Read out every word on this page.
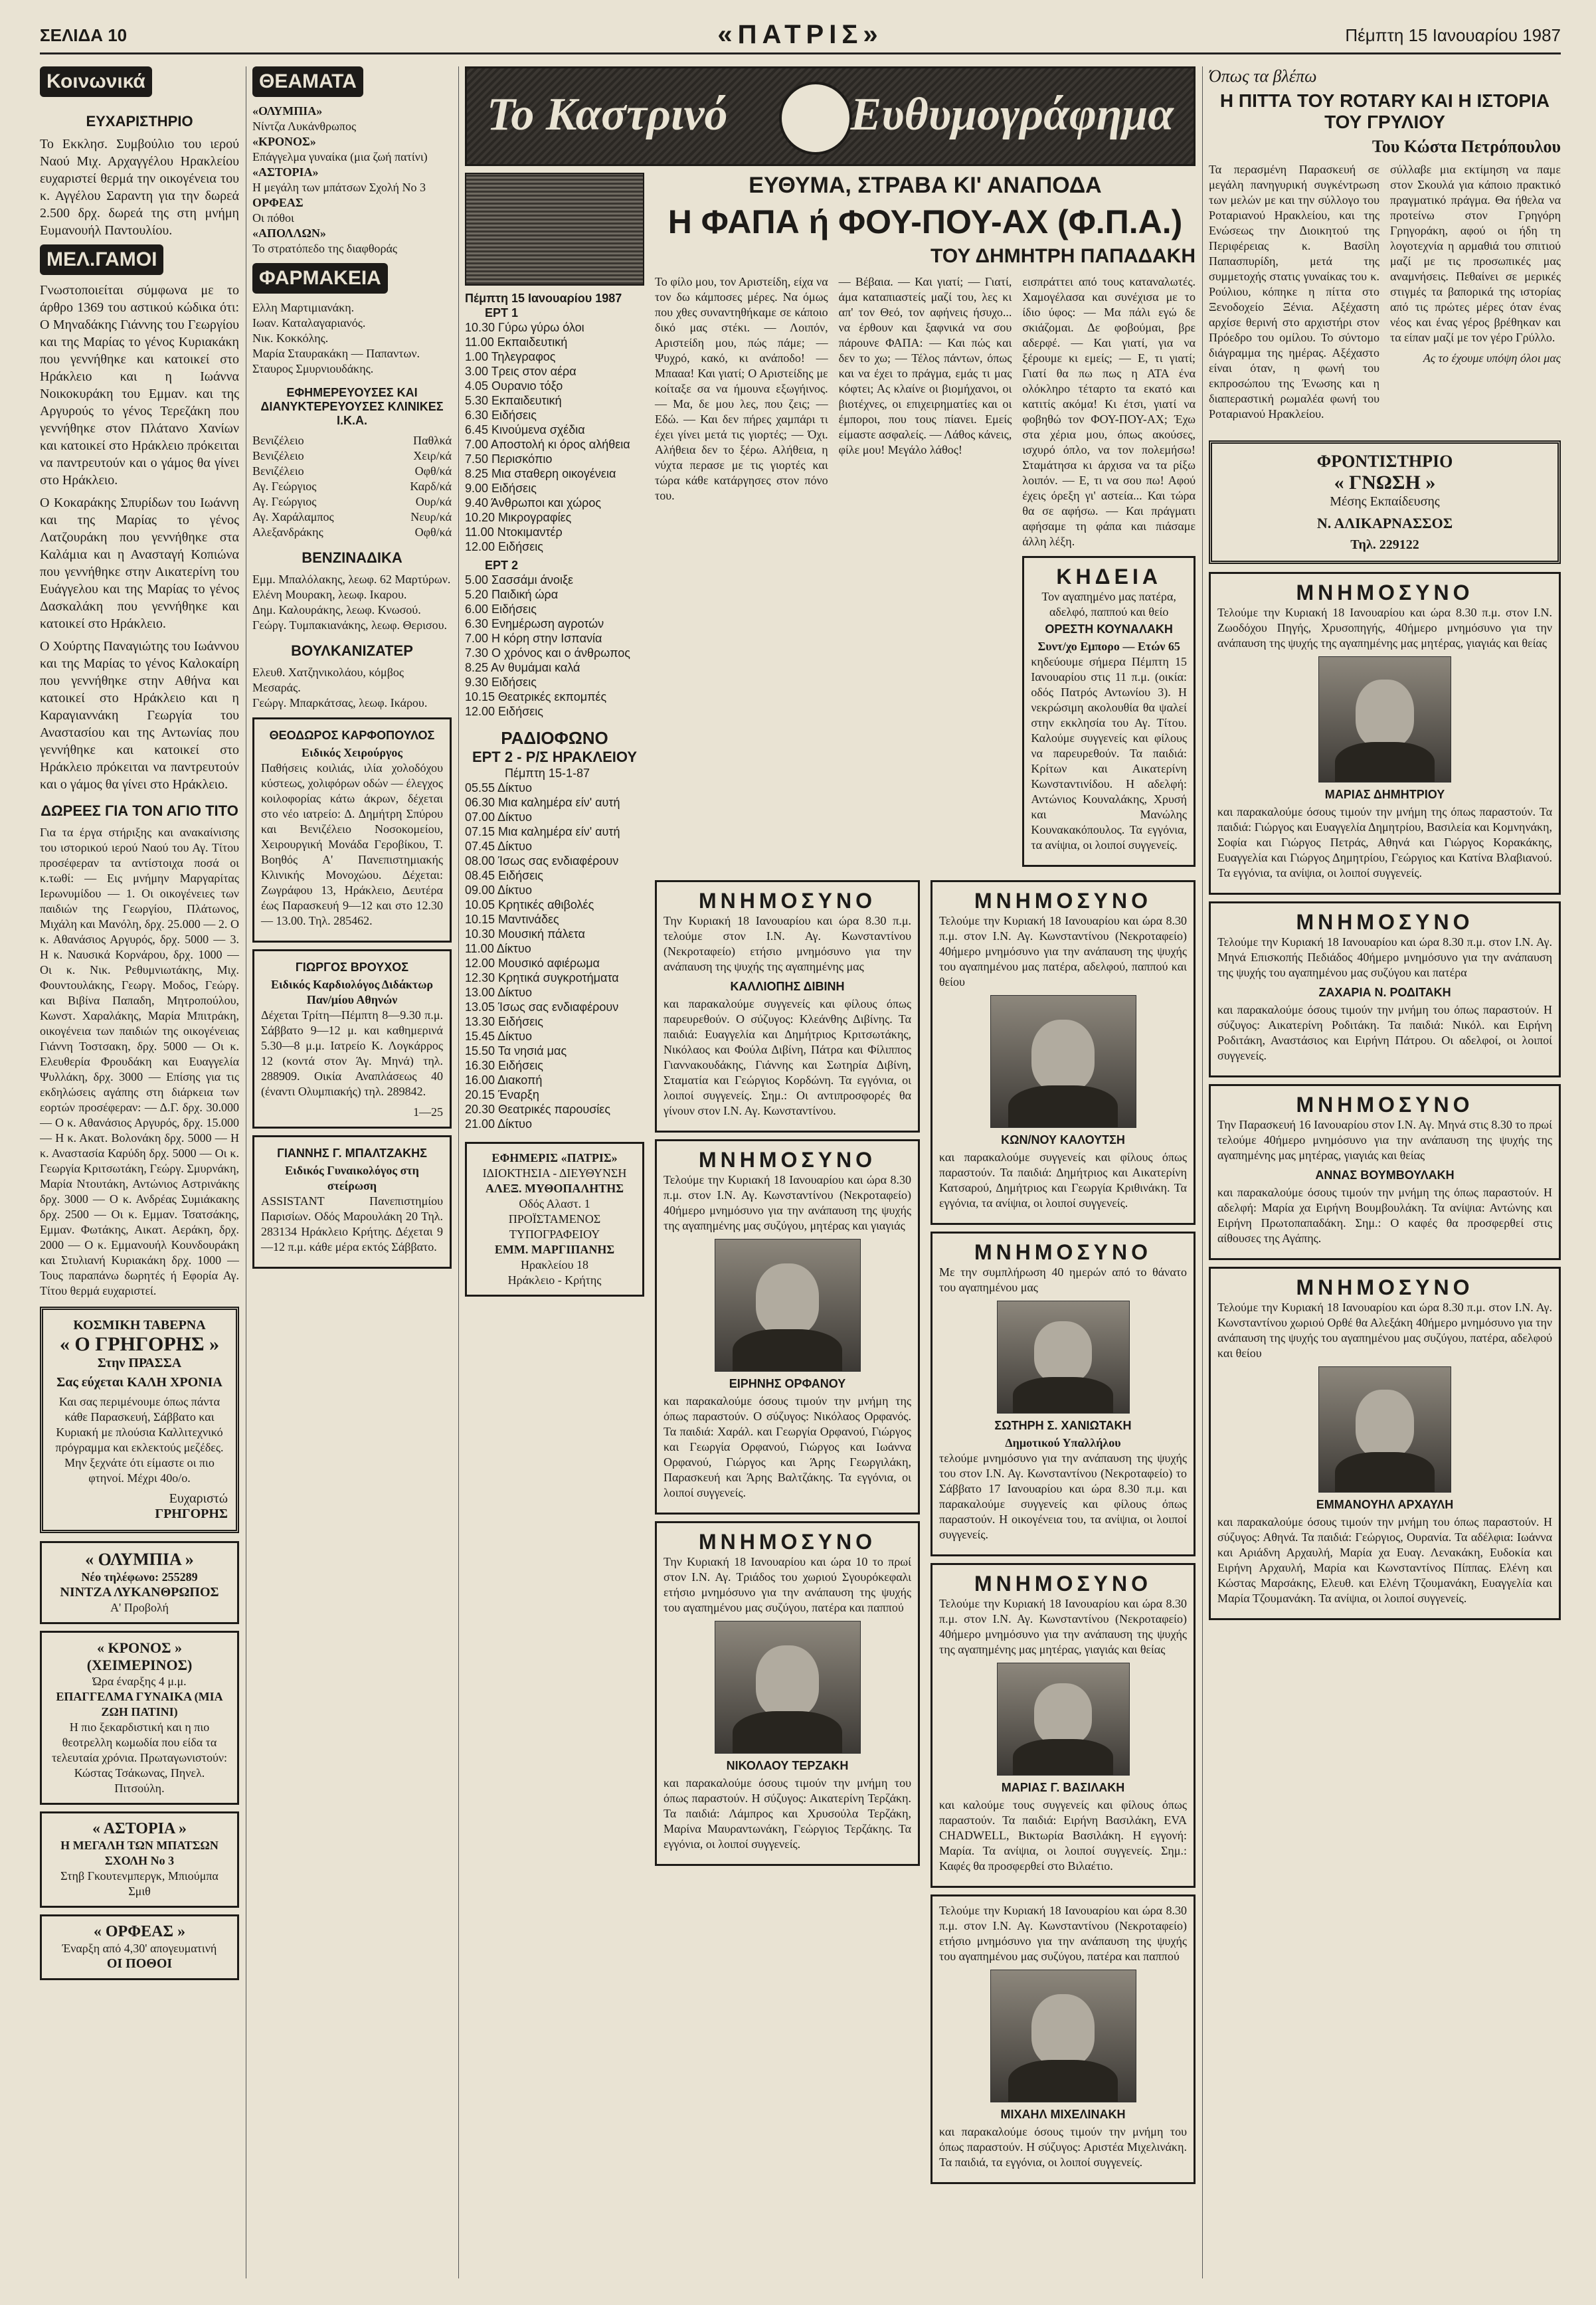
ΣΕΛΙΔΑ 10	«ΠΑΤΡΙΣ»	Πέμπτη 15 Ιανουαρίου 1987
Κοινωνικά
ΕΥΧΑΡΙΣΤΗΡΙΟ

Το Εκκλησ. Συμβούλιο του ιερού Ναού Μιχ. Αρχαγγέλου Ηρακλείου ευχαριστεί θερμά την οικογένεια του κ. Αγγέλου Σαραντη για την δωρεά 2.500 δρχ. δωρεά της στη μνήμη Ευμανουήλ Παντουλίου.

ΜΕΛ.ΓΑΜΟΙ

Γνωστοποιείται σύμφωνα με το άρθρο 1369 του αστικού κώδικα ότι: Ο Μηναδάκης Γιάννης του Γεωργίου και της Μαρίας το γένος Κυριακάκη που γεννήθηκε και κατοικεί στο Ηράκλειο και η Ιωάννα Νοικοκυράκη του Εμμαν. και της Αργυρούς το γένος Τερεζάκη που γεννήθηκε στον Πλάτανο Χανίων και κατοικεί στο Ηράκλειο πρόκειται να παντρευτούν και ο γάμος θα γίνει στο Ηράκλειο.

Ο Κοκαράκης Σπυρίδων του Ιωάννη και της Μαρίας το γένος Λατζουράκη που γεννήθηκε στα Καλάμια και η Ανασταγή Κοπιώνα που γεννήθηκε στην Αικατερίνη του Ευάγγελου και της Μαρίας το γένος Δασκαλάκη που γεννήθηκε και κατοικεί στο Ηράκλειο.

Ο Χούρτης Παναγιώτης του Ιωάννου και της Μαρίας το γένος Καλοκαίρη που γεννήθηκε στην Αθήνα και κατοικεί στο Ηράκλειο και η Καραγιαννάκη Γεωργία του Αναστασίου και της Αντωνίας που γεννήθηκε και κατοικεί στο Ηράκλειο πρόκειται να παντρευτούν και ο γάμος θα γίνει στο Ηράκλειο.

ΔΩΡΕΕΣ ΓΙΑ ΤΟΝ ΑΓΙΟ ΤΙΤΟ

Για τα έργα στήριξης και ανακαίνισης του ιστορικού ιερού Ναού του Αγ. Τίτου προσέφεραν τα αντίστοιχα ποσά οι κ.τωθί: — Εις μνήμην Μαργαρίτας Ιερωνυμίδου — 1. Οι οικογένειες των παιδιών της Γεωργίου, Πλάτωνος, Μιχάλη και Μανόλη, δρχ. 25.000 — 2. Ο κ. Αθανάσιος Αργυρός, δρχ. 5000 — 3. Η κ. Ναυσικά Κορνάρου, δρχ. 1000 — Οι κ. Νικ. Ρεθυμνιωτάκης, Μιχ. Φουντουλάκης, Γεωργ. Μοδος, Γεώργ. και Βιβίνα Παπαδη, Μητροπούλου, Κωνστ. Χαραλάκης, Μαρία Μπιτράκη, οικογένεια των παιδιών της οικογένειας Γιάννη Τοστσακη, δρχ. 5000 — Οι κ. Ελευθερία Φρουδάκη και Ευαγγελία Ψυλλάκη, δρχ. 3000 — Επίσης για τις εκδηλώσεις αγάπης στη διάρκεια των εορτών προσέφεραν: — Δ.Γ. δρχ. 30.000 — Ο κ. Αθανάσιος Αργυρός, δρχ. 15.000 — Η κ. Ακατ. Βολονάκη δρχ. 5000 — Η κ. Αναστασία Καρύδη δρχ. 5000 — Οι κ. Γεωργία Κριτσωτάκη, Γεώργ. Σμυρνάκη, Μαρία Ντουτάκη, Αντώνιος Αστρινάκης δρχ. 3000 — Ο κ. Ανδρέας Συμιάκακης δρχ. 2500 — Οι κ. Εμμαν. Τσατσάκης, Εμμαν. Φωτάκης, Αικατ. Αεράκη, δρχ. 2000 — Ο κ. Εμμανουήλ Κουνδουράκη και Στυλιανή Κυριακάκη δρχ. 1000 — Τους παραπάνω δωρητές ή Εφορία Αγ. Τίτου θερμά ευχαριστεί.

ΚΟΣΜΙΚΗ ΤΑΒΕΡΝΑ
« Ο ΓΡΗΓΟΡΗΣ »
Στην ΠΡΑΣΣΑ
Σας εύχεται ΚΑΛΗ ΧΡΟΝΙΑ

Και σας περιμένουμε όπως πάντα κάθε Παρασκευή, Σάββατο και Κυριακή με πλούσια Καλλιτεχνικό πρόγραμμα και εκλεκτούς μεζέδες. Μην ξεχνάτε ότι είμαστε οι πιο φτηνοί. Μέχρι 40ο/ο.

Ευχαριστώ
ΓΡΗΓΟΡΗΣ
« ΟΛΥΜΠΙΑ »
Νέο τηλέφωνο: 255289
ΝΙΝΤΖΑ ΛΥΚΑΝΘΡΩΠΟΣ
Α' Προβολή
« ΚΡΟΝΟΣ » (ΧΕΙΜΕΡΙΝΟΣ)
Ώρα έναρξης 4 μ.μ.
ΕΠΑΓΓΕΛΜΑ ΓΥΝΑΙΚΑ (ΜΙΑ ΖΩΗ ΠΑΤΙΝΙ)
Η πιο ξεκαρδιστική και η πιο θεοτρελλη κωμωδία που είδα τα τελευταία χρόνια. Πρωταγωνιστούν: Κώστας Τσάκωνας, Πηνελ. Πιτσούλη.
« ΑΣΤΟΡΙΑ »
Η ΜΕΓΑΛΗ ΤΩΝ ΜΠΑΤΣΩΝ ΣΧΟΛΗ No 3
Στηβ Γκουτενμπεργκ, Μπιούμπα Σμιθ
« ΟΡΦΕΑΣ »
Έναρξη από 4,30' απογευματινή
ΟΙ ΠΟΘΟΙ
ΘΕΑΜΑΤΑ
«ΟΛΥΜΠΙΑ»
Νίντζα Λυκάνθρωπος
«ΚΡΟΝΟΣ»
Επάγγελμα γυναίκα (μια ζωή πατίνι)
«ΑΣΤΟΡΙΑ»
Η μεγάλη των μπάτσων Σχολή No 3
ΟΡΦΕΑΣ
Οι πόθοι
«ΑΠΟΛΛΩΝ»
Το στρατόπεδο της διαφθοράς
ΦΑΡΜΑΚΕΙΑ
Ελλη Μαρτιμιανάκη.
Ιωαν. Καταλαγαριανός.
Νικ. Κοκκόλης.
Μαρία Σταυρακάκη — Παπαντων. Σταυρος Σμυρνιουδάκης.
ΕΦΗΜΕΡΕΥΟΥΣΕΣ ΚΑΙ ΔΙΑΝΥΚΤΕΡΕΥΟΥΣΕΣ ΚΛΙΝΙΚΕΣ Ι.Κ.Α.
Βενιζέλειο	Παθλκά
Βενιζέλειο	Χειρ/κά
Βενιζέλειο	Οφθ/κά
Αγ. Γεώργιος	Καρδ/κά
Αγ. Γεώργιος	Ουρ/κά
Αγ. Χαράλαμπος	Νευρ/κά
Αλεξανδράκης	Οφθ/κά
ΒΕΝΖΙΝΑΔΙΚΑ
Εμμ. Μπαλόλακης, λεωφ. 62 Μαρτύρων.
Ελένη Μουρακη, λεωφ. Ικαρου.
Δημ. Καλουράκης, λεωφ. Κνωσού.
Γεώργ. Τυμπακιανάκης, λεωφ. Θερισου.
ΒΟΥΛΚΑΝΙΖΑΤΕΡ
Ελευθ. Χατζηνικολάου, κόμβος Μεσαράς.
Γεώργ. Μπαρκάτσας, λεωφ. Ικάρου.
ΘΕΟΔΩΡΟΣ ΚΑΡΦΟΠΟΥΛΟΣ
Ειδικός Χειρούργος

Παθήσεις κοιλιάς, ιλία χολοδόχου κύστεως, χολιφόρων οδών — έλεγχος κοιλοφορίας κάτω άκρων, δέχεται στο νέο ιατρείο: Δ. Δημήτρη Σπύρου και Βενιζέλειο Νοσοκομείου, Χειρουργική Μονάδα Γεροβίκου, Τ. Βοηθός Α' Πανεπιστημιακής Κλινικής Μονοχώου. Δέχεται: Ζωγράφου 13, Ηράκλειο, Δευτέρα έως Παρασκευή 9—12 και στο 12.30 — 13.00. Τηλ. 285462.

ΓΙΩΡΓΟΣ ΒΡΟΥΧΟΣ
Ειδικός Καρδιολόγος Διδάκτωρ Παν/μίου Αθηνών

Δέχεται Τρίτη—Πέμπτη 8—9.30 π.μ. Σάββατο 9—12 μ. και καθημερινά 5.30—8 μ.μ. Ιατρείο Κ. Λογκάρρος 12 (κοντά στον Άγ. Μηνά) τηλ. 288909. Οικία Αναπλάσεως 40 (έναντι Ολυμπιακής) τηλ. 289842.

1—25
ΓΙΑΝΝΗΣ Γ. ΜΠΑΛΤΖΑΚΗΣ
Ειδικός Γυναικολόγος στη στείρωση

ASSISTANT Πανεπιστημίου Παρισίων. Οδός Μαρουλάκη 20 Τηλ. 283134 Ηράκλειο Κρήτης. Δέχεται 9—12 π.μ. κάθε μέρα εκτός Σάββατο.

Το Καστρινό	Ευθυμογράφημα
Πέμπτη 15 Ιανουαρίου 1987
ΕΡΤ 1
10.30 Γύρω γύρω όλοι
11.00 Εκπαιδευτική
1.00 Τηλεγραφος
3.00 Τρεις στον αέρα
4.05 Ουρανιο τόξο
5.30 Εκπαιδευτική
6.30 Ειδήσεις
6.45 Κινούμενα σχέδια
7.00 Αποστολή κι όρος αλήθεια
7.50 Περισκόπιο
8.25 Μια σταθερη οικογένεια
9.00 Ειδήσεις
9.40 Άνθρωποι και χώρος
10.20 Μικρογραφίες
11.00 Ντοκιμαντέρ
12.00 Ειδήσεις
ΕΡΤ 2
5.00 Σασσάμι άνοιξε
5.20 Παιδική ώρα
6.00 Ειδήσεις
6.30 Ενημέρωση αγροτών
7.00 Η κόρη στην Ισπανία
7.30 Ο χρόνος και ο άνθρωπος
8.25 Αν θυμάμαι καλά
9.30 Ειδήσεις
10.15 Θεατρικές εκπομπές
12.00 Ειδήσεις
ΡΑΔΙΟΦΩΝΟ
ΕΡΤ 2 - Ρ/Σ ΗΡΑΚΛΕΙΟΥ
Πέμπτη 15-1-87
05.55 Δίκτυο
06.30 Μια καλημέρα είν' αυτή
07.00 Δίκτυο
07.15 Μια καλημέρα είν' αυτή
07.45 Δίκτυο
08.00 Ίσως σας ενδιαφέρουν
08.45 Ειδήσεις
09.00 Δίκτυο
10.05 Κρητικές αθιβολές
10.15 Μαντινάδες
10.30 Μουσική πάλετα
11.00 Δίκτυο
12.00 Μουσικό αφιέρωμα
12.30 Κρητικά συγκροτήματα
13.00 Δίκτυο
13.05 Ίσως σας ενδιαφέρουν
13.30 Ειδήσεις
15.45 Δίκτυο
15.50 Τα νησιά μας
16.30 Ειδήσεις
16.00 Διακοπή
20.15 Έναρξη
20.30 Θεατρικές παρουσίες
21.00 Δίκτυο
ΕΦΗΜΕΡΙΣ «ΠΑΤΡΙΣ»
ΙΔΙΟΚΤΗΣΙΑ - ΔΙΕΥΘΥΝΣΗ
ΑΛΕΞ. ΜΥΘΟΠΑΛΗΤΗΣ
Οδός Αλαστ. 1
ΠΡΟΪΣΤΑΜΕΝΟΣ ΤΥΠΟΓΡΑΦΕΙΟΥ
ΕΜΜ. ΜΑΡΓΙΠΑΝΗΣ
Ηρακλείου 18
Ηράκλειο - Κρήτης
ΕΥΘΥΜΑ, ΣΤΡΑΒΑ ΚΙ' ΑΝΑΠΟΔΑ
Η ΦΑΠΑ ή ΦΟΥ-ΠΟΥ-ΑΧ (Φ.Π.Α.)
ΤΟΥ ΔΗΜΗΤΡΗ ΠΑΠΑΔΑΚΗ

Το φίλο μου, τον Αριστείδη, είχα να τον δω κάμποσες μέρες. Να όμως που χθες συναντηθήκαμε σε κάποιο δικό μας στέκι. — Λοιπόν, Αριστείδη μου, πώς πάμε; — Ψυχρό, κακό, κι ανάποδο! — Μπααα! Και γιατί; Ο Αριστείδης με κοίταξε σα να ήμουνα εξωγήινος. — Μα, δε μου λες, που ζεις; — Εδώ. — Και δεν πήρες χαμπάρι τι έχει γίνει μετά τις γιορτές; — Όχι. Αλήθεια δεν το ξέρω. Αλήθεια, η νύχτα περασε με τις γιορτές και τώρα κάθε κατάργησες στον πόνο του.

— Βέβαια. — Και γιατί; — Γιατί, άμα καταπιαστείς μαζί του, λες κι απ' τον Θεό, τον αφήνεις ήσυχο... να έρθουν και ξαφνικά να σου πάρουνε ΦΑΠΑ: — Και πώς και δεν το χω; — Τέλος πάντων, όπως και να έχει το πράγμα, εμάς τι μας κόφτει; Ας κλαίνε οι βιομήχανοι, οι βιοτέχνες, οι επιχειρηματίες και οι έμποροι, που τους πίανει. Εμείς είμαστε ασφαλείς. — Λάθος κάνεις, φίλε μου! Μεγάλο λάθος!

εισπράττει από τους καταναλωτές. Χαμογέλασα και συνέχισα με το ίδιο ύφος: — Μα πάλι εγώ δε σκιάζομαι. Δε φοβούμαι, βρε αδερφέ. — Και γιατί, για να ξέρουμε κι εμείς; — Ε, τι γιατί; Γιατί θα πω πως η ΑΤΑ ένα ολόκληρο τέταρτο τα εκατό και κατιτίς ακόμα! Κι έτσι, γιατί να φοβηθώ τον ΦΟΥ-ΠΟΥ-ΑΧ; Έχω στα χέρια μου, όπως ακούσες, ισχυρό όπλο, να τον πολεμήσω! Σταμάτησα κι άρχισα να τα ρίξω λοιπόν. — Ε, τι να σου πω! Αφού έχεις όρεξη γι' αστεία... Και τώρα θα σε αφήσω. — Και πράγματι αφήσαμε τη φάπα και πιάσαμε άλλη λέξη.

ΚΗΔΕΙΑ
Τον αγαπημένο μας πατέρα, αδελφό, παππού και θείο
ΟΡΕΣΤΗ ΚΟΥΝΑΛΑΚΗ
Συντ/χο Εμπορο — Ετών 65

κηδεύουμε σήμερα Πέμπτη 15 Ιανουαρίου στις 11 π.μ. (οικία: οδός Πατρός Αντωνίου 3). Η νεκρώσιμη ακολουθία θα ψαλεί στην εκκλησία του Αγ. Τίτου. Καλούμε συγγενείς και φίλους να παρευρεθούν. Τα παιδιά: Κρίτων και Αικατερίνη Κωνσταντινίδου. Η αδελφή: Αντώνιος Κουναλάκης, Χρυσή και Μανώλης Κουνακακόπουλος. Τα εγγόνια, τα ανίψια, οι λοιποί συγγενείς.

ΜΝΗΜΟΣΥΝΟ

Την Κυριακή 18 Ιανουαρίου και ώρα 8.30 π.μ. τελούμε στον Ι.Ν. Αγ. Κωνσταντίνου (Νεκροταφείο) ετήσιο μνημόσυνο για την ανάπαυση της ψυχής της αγαπημένης μας

ΚΑΛΛΙΟΠΗΣ ΔΙΒΙΝΗ

και παρακαλούμε συγγενείς και φίλους όπως παρευρεθούν. Ο σύζυγος: Κλεάνθης Διβίνης. Τα παιδιά: Ευαγγελία και Δημήτριος Κριτσωτάκης, Νικόλαος και Φούλα Διβίνη, Πάτρα και Φίλιππος Γιαννακουδάκης, Γιάννης και Σωτηρία Διβίνη, Σταματία και Γεώργιος Κορδώνη. Τα εγγόνια, οι λοιποί συγγενείς. Σημ.: Οι αντιπροσφορές θα γίνουν στον Ι.Ν. Αγ. Κωνσταντίνου.

ΜΝΗΜΟΣΥΝΟ

Τελούμε την Κυριακή 18 Ιανουαρίου και ώρα 8.30 π.μ. στον Ι.Ν. Αγ. Κωνσταντίνου (Νεκροταφείο) 40ήμερο μνημόσυνο για την ανάπαυση της ψυχής της αγαπημένης μας συζύγου, μητέρας και γιαγιάς

ΕΙΡΗΝΗΣ ΟΡΦΑΝΟΥ

και παρακαλούμε όσους τιμούν την μνήμη της όπως παραστούν. Ο σύζυγος: Νικόλαος Ορφανός. Τα παιδιά: Χαράλ. και Γεωργία Ορφανού, Γιώργος και Γεωργία Ορφανού, Γιώργος και Ιωάννα Ορφανού, Γιώργος και Άρης Γεωργιλάκη, Παρασκευή και Άρης Βαλτζάκης. Τα εγγόνια, οι λοιποί συγγενείς.

ΜΝΗΜΟΣΥΝΟ

Την Κυριακή 18 Ιανουαρίου και ώρα 10 το πρωί στον Ι.Ν. Αγ. Τριάδος του χωριού Σγουρόκεφαλι ετήσιο μνημόσυνο για την ανάπαυση της ψυχής του αγαπημένου μας συζύγου, πατέρα και παππού

ΝΙΚΟΛΑΟΥ ΤΕΡΖΑΚΗ

και παρακαλούμε όσους τιμούν την μνήμη του όπως παραστούν. Η σύζυγος: Αικατερίνη Τερζάκη. Τα παιδιά: Λάμπρος και Χρυσούλα Τερζάκη, Μαρίνα Μαυραντωνάκη, Γεώργιος Τερζάκης. Τα εγγόνια, οι λοιποί συγγενείς.

ΜΝΗΜΟΣΥΝΟ

Τελούμε την Κυριακή 18 Ιανουαρίου και ώρα 8.30 π.μ. στον Ι.Ν. Αγ. Κωνσταντίνου (Νεκροταφείο) 40ήμερο μνημόσυνο για την ανάπαυση της ψυχής του αγαπημένου μας πατέρα, αδελφού, παππού και θείου

ΚΩΝ/ΝΟΥ ΚΑΛΟΥΤΣΗ

και παρακαλούμε συγγενείς και φίλους όπως παραστούν. Τα παιδιά: Δημήτριος και Αικατερίνη Κατσαρού, Δημήτριος και Γεωργία Κριθινάκη. Τα εγγόνια, τα ανίψια, οι λοιποί συγγενείς.

ΜΝΗΜΟΣΥΝΟ

Με την συμπλήρωση 40 ημερών από το θάνατο του αγαπημένου μας

ΣΩΤΗΡΗ Σ. ΧΑΝΙΩΤΑΚΗ
Δημοτικού Υπαλλήλου

τελούμε μνημόσυνο για την ανάπαυση της ψυχής του στον Ι.Ν. Αγ. Κωνσταντίνου (Νεκροταφείο) το Σάββατο 17 Ιανουαρίου και ώρα 8.30 π.μ. και παρακαλούμε συγγενείς και φίλους όπως παραστούν. Η οικογένεια του, τα ανίψια, οι λοιποί συγγενείς.

ΜΝΗΜΟΣΥΝΟ

Τελούμε την Κυριακή 18 Ιανουαρίου και ώρα 8.30 π.μ. στον Ι.Ν. Αγ. Κωνσταντίνου (Νεκροταφείο) 40ήμερο μνημόσυνο για την ανάπαυση της ψυχής της αγαπημένης μας μητέρας, γιαγιάς και θείας

ΜΑΡΙΑΣ Γ. ΒΑΣΙΛΑΚΗ

και καλούμε τους συγγενείς και φίλους όπως παραστούν. Τα παιδιά: Ειρήνη Βασιλάκη, EVA CHADWELL, Βικτωρία Βασιλάκη. Η εγγονή: Μαρία. Τα ανίψια, οι λοιποί συγγενείς. Σημ.: Καφές θα προσφερθεί στο Βιλαέτιο.

Τελούμε την Κυριακή 18 Ιανουαρίου και ώρα 8.30 π.μ. στον Ι.Ν. Αγ. Κωνσταντίνου (Νεκροταφείο) ετήσιο μνημόσυνο για την ανάπαυση της ψυχής του αγαπημένου μας συζύγου, πατέρα και παππού

ΜΙΧΑΗΛ ΜΙΧΕΛΙΝΑΚΗ

και παρακαλούμε όσους τιμούν την μνήμη του όπως παραστούν. Η σύζυγος: Αριστέα Μιχελινάκη. Τα παιδιά, τα εγγόνια, οι λοιποί συγγενείς.

Όπως τα βλέπω
Η ΠΙΤΤΑ ΤΟΥ ROTARY ΚΑΙ Η ΙΣΤΟΡΙΑ ΤΟΥ ΓΡΥΛΙΟΥ
Του Κώστα Πετρόπουλου

Τα περασμένη Παρασκευή σε μεγάλη πανηγυρική συγκέντρωση των μελών με και την σύλλογο του Ροταριανού Ηρακλείου, και της Ενώσεως την Διοικητού της Περιφέρειας κ. Βασίλη Παπασπυρίδη, μετά της συμμετοχής στατις γυναίκας του κ. Ρούλιου, κόπηκε η πίττα στο Ξενοδοχείο Ξένια. Αξέχαστη αρχίσε θερινή στο αρχιστήρι στον Πρόεδρο του ομίλου. Το σύντομο διάγραμμα της ημέρας. Αξέχαστο είναι όταν, η φωνή του εκπροσώπου της Ένωσης και η διαπεραστική ρωμαλέα φωνή του Ροταριανού Ηρακλείου.

σύλλαβε μια εκτίμηση να παμε στον Σκουλά για κάποιο πρακτικό πραγματικό πράγμα. Θα ήθελα να προτείνω στον Γρηγόρη Γρηγοράκη, αφού οι ήδη τη λογοτεχνία η αρμαθιά του σπιτιού μαζί με τις προσωπικές μας αναμνήσεις. Πεθαίνει σε μερικές στιγμές τα βαπορικά της ιστορίας από τις πρώτες μέρες όταν ένας νέος και ένας γέρος βρέθηκαν και τα είπαν μαζί με τον γέρο Γρύλλο.

Ας το έχουμε υπόψη όλοι μας
ΦΡΟΝΤΙΣΤΗΡΙΟ
« ΓΝΩΣΗ »
Μέσης Εκπαίδευσης
Ν. ΑΛΙΚΑΡΝΑΣΣΟΣ
Τηλ. 229122
ΜΝΗΜΟΣΥΝΟ

Τελούμε την Κυριακή 18 Ιανουαρίου και ώρα 8.30 π.μ. στον Ι.Ν. Ζωοδόχου Πηγής, Χρυσοπηγής, 40ήμερο μνημόσυνο για την ανάπαυση της ψυχής της αγαπημένης μας μητέρας, γιαγιάς και θείας

ΜΑΡΙΑΣ ΔΗΜΗΤΡΙΟΥ

και παρακαλούμε όσους τιμούν την μνήμη της όπως παραστούν. Τα παιδιά: Γιώργος και Ευαγγελία Δημητρίου, Βασιλεία και Κομνηνάκη, Σοφία και Γιώργος Πετράς, Αθηνά και Γιώργος Κορακάκης, Ευαγγελία και Γιώργος Δημητρίου, Γεώργιος και Κατίνα Βλαβιανού. Τα εγγόνια, τα ανίψια, οι λοιποί συγγενείς.

ΜΝΗΜΟΣΥΝΟ

Τελούμε την Κυριακή 18 Ιανουαρίου και ώρα 8.30 π.μ. στον Ι.Ν. Αγ. Μηνά Επισκοπής Πεδιάδος 40ήμερο μνημόσυνο για την ανάπαυση της ψυχής του αγαπημένου μας συζύγου και πατέρα

ΖΑΧΑΡΙΑ Ν. ΡΟΔΙΤΑΚΗ

και παρακαλούμε όσους τιμούν την μνήμη του όπως παραστούν. Η σύζυγος: Αικατερίνη Ροδιτάκη. Τα παιδιά: Νικόλ. και Ειρήνη Ροδιτάκη, Αναστάσιος και Ειρήνη Πάτρου. Οι αδελφοί, οι λοιποί συγγενείς.

ΜΝΗΜΟΣΥΝΟ

Την Παρασκευή 16 Ιανουαρίου στον Ι.Ν. Αγ. Μηνά στις 8.30 το πρωί τελούμε 40ήμερο μνημόσυνο για την ανάπαυση της ψυχής της αγαπημένης μας μητέρας, γιαγιάς και θείας

ΑΝΝΑΣ ΒΟΥΜΒΟΥΛΑΚΗ

και παρακαλούμε όσους τιμούν την μνήμη της όπως παραστούν. Η αδελφή: Μαρία χα Ειρήνη Βουμβουλάκη. Τα ανίψια: Αντώνης και Ειρήνη Πρωτοπαπαδάκη. Σημ.: Ο καφές θα προσφερθεί στις αίθουσες της Αγάπης.

ΜΝΗΜΟΣΥΝΟ

Τελούμε την Κυριακή 18 Ιανουαρίου και ώρα 8.30 π.μ. στον Ι.Ν. Αγ. Κωνσταντίνου χωριού Ορθέ θα Αλεξάκη 40ήμερο μνημόσυνο για την ανάπαυση της ψυχής του αγαπημένου μας συζύγου, πατέρα, αδελφού και θείου

ΕΜΜΑΝΟΥΗΛ ΑΡΧΑΥΛΗ

και παρακαλούμε όσους τιμούν την μνήμη του όπως παραστούν. Η σύζυγος: Αθηνά. Τα παιδιά: Γεώργιος, Ουρανία. Τα αδέλφια: Ιωάννα και Αριάδνη Αρχαυλή, Μαρία χα Ευαγ. Λενακάκη, Ευδοκία και Ειρήνη Αρχαυλή, Μαρία και Κωνσταντίνος Πίππας. Ελένη και Κώστας Μαρσάκης, Ελευθ. και Ελένη Τζουμανάκη, Ευαγγελία και Μαρία Τζουμανάκη. Τα ανίψια, οι λοιποί συγγενείς.
